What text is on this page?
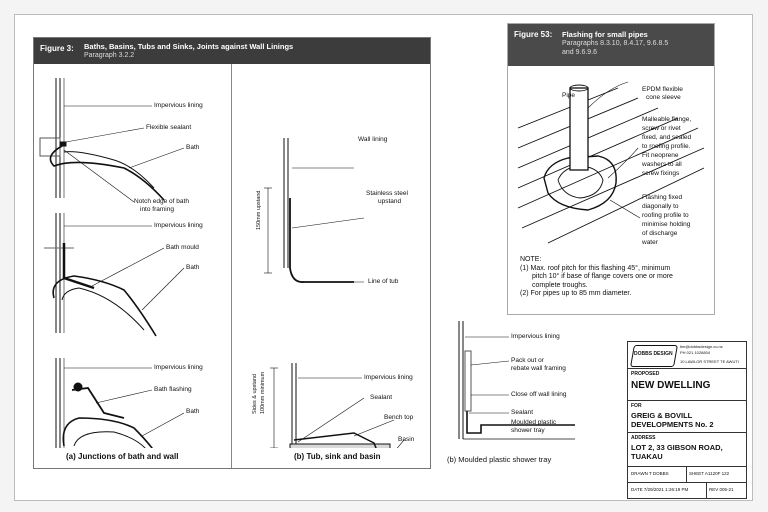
Figure 3: Baths, Basins, Tubs and Sinks, Joints against Wall Linings
Paragraph 3.2.2
Impervious lining
Flexible sealant
Bath
Notch edge of bath
into framing
Impervious lining
Bath mould
Bath
Impervious lining
Bath flashing
Bath
(a) Junctions of bath and wall
Wall lining
Stainless steel
upstand
Line of tub
Impervious lining
Sealant
Bench top
Basin
150mm upstand
Sides & upstand 100mm minimum
(b) Tub, sink and basin
Figure 53: Flashing for small pipes
Paragraphs 8.3.10, 8.4.17, 9.6.8.5
and 9.6.9.6
Pipe
EPDM flexible
cone sleeve
Malleable flange,
screw or rivet
fixed, and sealed
to roofing profile.
Fit neoprene
washers to all
screw fixings
Flashing fixed
diagonally to
roofing profile to
minimise holding
of discharge
water
NOTE:
(1) Max. roof pitch for this flashing 45°, minimum
pitch 10° if base of flange covers one or more
complete troughs.
(2) For pipes up to 85 mm diameter.
Impervious lining
Pack out or
rebate wall framing
Close off wall lining
Sealant
Moulded plastic
shower tray
(b) Moulded plastic shower tray
DOBBS DESIGN
tim@dobbsdesign.co.nz
PH 021 1026804
10 LAWLOR STREET TE AWUTI
PROPOSED
NEW DWELLING
FOR
GREIG & BOVILL
DEVELOPMENTS No. 2
ADDRESS
LOT 2, 33 GIBSON ROAD,
TUAKAU
DRAWN T DOBBS	SHEET A1120F 122
DATE 7/29/2021 1:26:19 PM	REV 005-21
